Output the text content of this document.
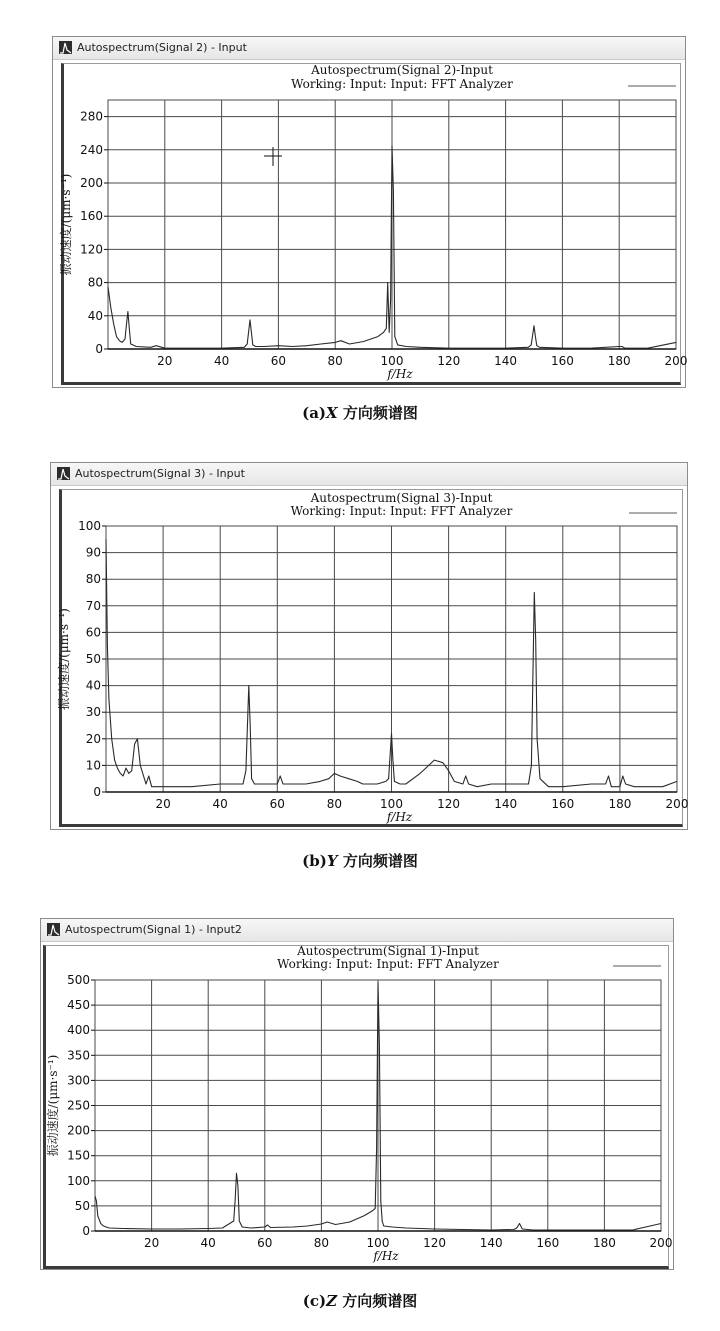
Autospectrum(Signal 2) - Input
20	40	60	80	100	120	140	160	180	200
0
40
80
120
160
200
240
280
Autospectrum(Signal 2)-Input
Working: Input: Input: FFT Analyzer
f/Hz
振动速度/(μm·s⁻¹)
(a)X 方向频谱图
Autospectrum(Signal 3) - Input
20	40	60	80	100	120	140	160	180	200
0
10
20
30
40
50
60
70
80
90
100
Autospectrum(Signal 3)-Input
Working: Input: Input: FFT Analyzer
f/Hz
振动速度/(μm·s⁻¹)
(b)Y 方向频谱图
Autospectrum(Signal 1) - Input2
20	40	60	80	100	120	140	160	180	200
0
50
100
150
200
250
300
350
400
450
500
Autospectrum(Signal 1)-Input
Working: Input: Input: FFT Analyzer
f/Hz
振动速度/(μm·s⁻¹)
(c)Z 方向频谱图
